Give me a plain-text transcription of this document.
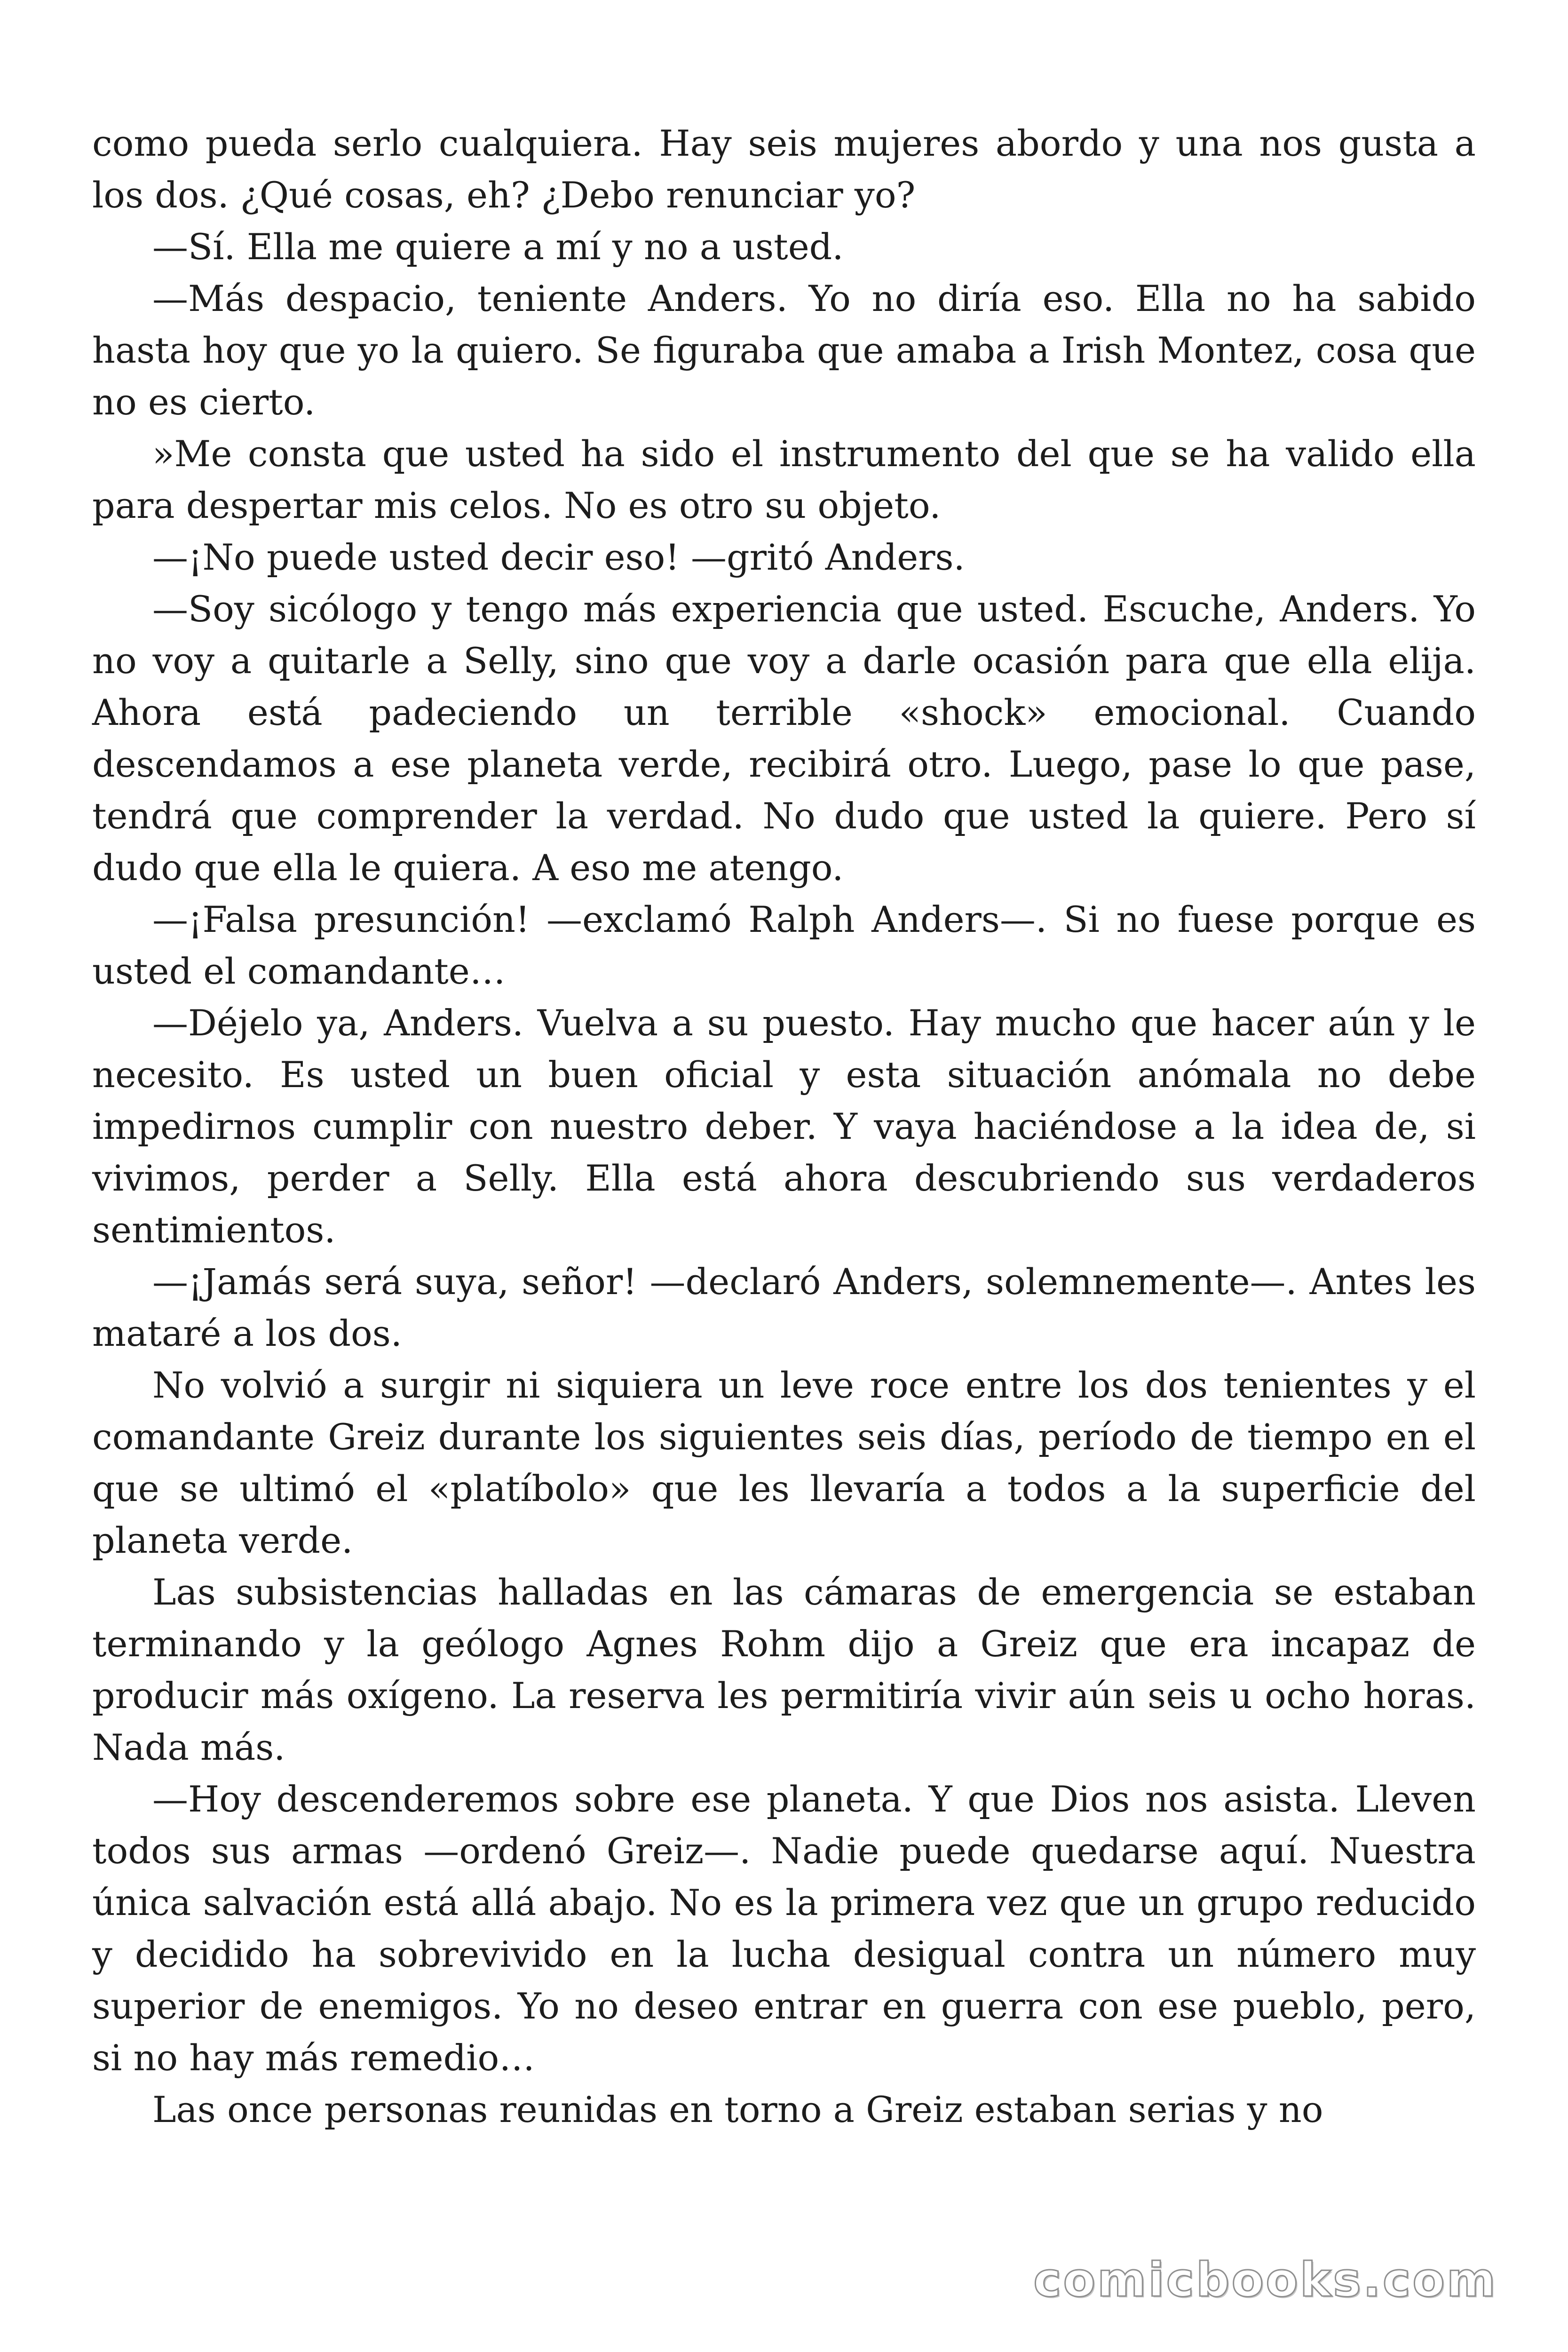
como pueda serlo cualquiera. Hay seis mujeres abordo y una nos gusta a los dos. ¿Qué cosas, eh? ¿Debo renunciar yo?

—Sí. Ella me quiere a mí y no a usted.

—Más despacio, teniente Anders. Yo no diría eso. Ella no ha sabido hasta hoy que yo la quiero. Se figuraba que amaba a Irish Montez, cosa que no es cierto.

»Me consta que usted ha sido el instrumento del que se ha valido ella para despertar mis celos. No es otro su objeto.

—¡No puede usted decir eso! —gritó Anders.

—Soy sicólogo y tengo más experiencia que usted. Escuche, Anders. Yo no voy a quitarle a Selly, sino que voy a darle ocasión para que ella elija. Ahora está padeciendo un terrible «shock» emocional. Cuando descendamos a ese planeta verde, recibirá otro. Luego, pase lo que pase, tendrá que comprender la verdad. No dudo que usted la quiere. Pero sí dudo que ella le quiera. A eso me atengo.

—¡Falsa presunción! —exclamó Ralph Anders—. Si no fuese porque es usted el comandante…

—Déjelo ya, Anders. Vuelva a su puesto. Hay mucho que hacer aún y le necesito. Es usted un buen oficial y esta situación anómala no debe impedirnos cumplir con nuestro deber. Y vaya haciéndose a la idea de, si vivimos, perder a Selly. Ella está ahora descubriendo sus verdaderos sentimientos.

—¡Jamás será suya, señor! —declaró Anders, solemnemente—. Antes les mataré a los dos.

No volvió a surgir ni siquiera un leve roce entre los dos tenientes y el comandante Greiz durante los siguientes seis días, período de tiempo en el que se ultimó el «platíbolo» que les llevaría a todos a la superficie del planeta verde.

Las subsistencias halladas en las cámaras de emergencia se estaban terminando y la geólogo Agnes Rohm dijo a Greiz que era incapaz de producir más oxígeno. La reserva les permitiría vivir aún seis u ocho horas. Nada más.

—Hoy descenderemos sobre ese planeta. Y que Dios nos asista. Lleven todos sus armas —ordenó Greiz—. Nadie puede quedarse aquí. Nuestra única salvación está allá abajo. No es la primera vez que un grupo reducido y decidido ha sobrevivido en la lucha desigual contra un número muy superior de enemigos. Yo no deseo entrar en guerra con ese pueblo, pero, si no hay más remedio…

Las once personas reunidas en torno a Greiz estaban serias y no

comicbooks.com
